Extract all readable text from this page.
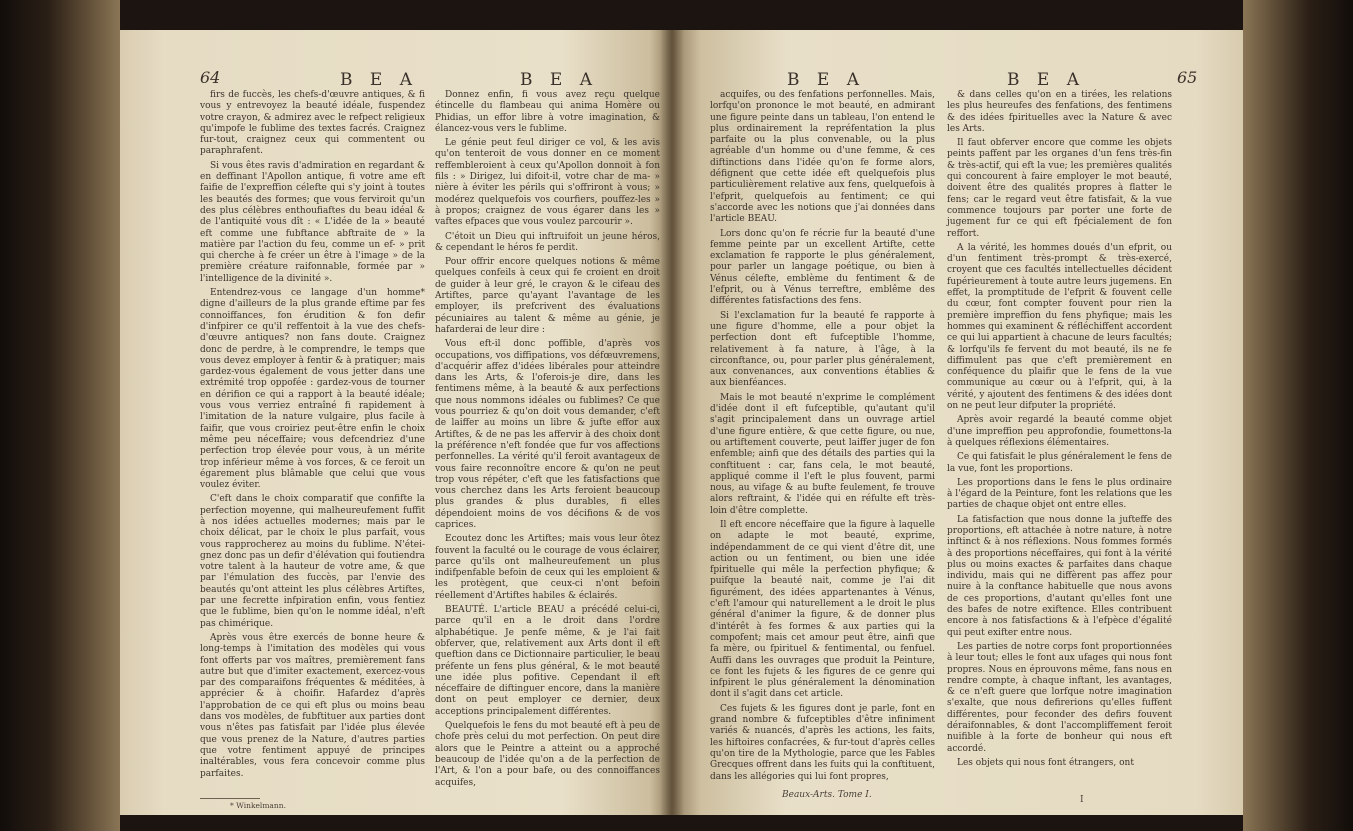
64	B E A	B E A

firs de fuccès, les chefs-d'œuvre antiques, & fi vous y entrevoyez la beauté idéale, fuspendez votre crayon, & admirez avec le refpect religieux qu'impofe le fublime des textes facrés. Craignez fur-tout, craignez ceux qui commentent ou paraphrafent.

Si vous êtes ravis d'admiration en regardant & en deffinant l'Apollon antique, fi votre ame eft faifie de l'expreffion célefte qui s'y joint à toutes les beautés des formes; que vous ferviroit qu'un des plus célèbres enthoufiaftes du beau idéal & de l'antiquité vous dît : « L'idée de la » beauté eft comme une fubftance abftraite de » la matière par l'action du feu, comme un ef- » prit qui cherche à fe créer un être à l'image » de la première créature raifonnable, formée par » l'intelligence de la divinité ».

Entendrez-vous ce langage d'un homme* digne d'ailleurs de la plus grande eftime par fes connoiffances, fon érudition & fon defir d'infpirer ce qu'il reffentoit à la vue des chefs-d'œuvre antiques? non fans doute. Craignez donc de perdre, à le comprendre, le temps que vous devez employer à fentir & à pratiquer; mais gardez-vous également de vous jetter dans une extrémité trop oppofée : gardez-vous de tourner en dérifion ce qui a rapport à la beauté idéale; vous vous verriez entraîné fi rapidement à l'imitation de la nature vulgaire, plus facile à faifir, que vous croiriez peut-être enfin le choix même peu néceffaire; vous defcendriez d'une perfection trop élevée pour vous, à un mérite trop inférieur même à vos forces, & ce feroit un égarement plus blâmable que celui que vous voulez éviter.

C'eft dans le choix comparatif que confifte la perfection moyenne, qui malheureufement fuffit à nos idées actuelles modernes; mais par le choix délicat, par le choix le plus parfait, vous vous rapprocherez au moins du fublime. N'étei-gnez donc pas un defir d'élévation qui foutiendra votre talent à la hauteur de votre ame, & que par l'émulation des fuccès, par l'envie des beautés qu'ont atteint les plus célèbres Artiftes, par une fecrette infpiration enfin, vous fentiez que le fublime, bien qu'on le nomme idéal, n'eft pas chimérique.

Après vous être exercés de bonne heure & long-temps à l'imitation des modèles qui vous font offerts par vos maîtres, premièrement fans autre but que d'imiter exactement, exercez-vous par des comparaifons fréquentes & méditées, à apprécier & à choifir. Hafardez d'après l'approbation de ce qui eft plus ou moins beau dans vos modèles, de fubftituer aux parties dont vous n'êtes pas fatisfait par l'idée plus élevée que vous prenez de la Nature, d'autres parties que votre fentiment appuyé de principes inaltérables, vous fera concevoir comme plus parfaites.

* Winkelmann.

Donnez enfin, fi vous avez reçu quelque étincelle du flambeau qui anima Homère ou Phidias, un effor libre à votre imagination, & élancez-vous vers le fublime.

Le génie peut feul diriger ce vol, & les avis qu'on tenteroit de vous donner en ce moment reffembleroient à ceux qu'Apollon donnoit à fon fils : » Dirigez, lui difoit-il, votre char de ma- » nière à éviter les périls qui s'offriront à vous; » modérez quelquefois vos courfiers, pouffez-les » à propos; craignez de vous égarer dans les » vaftes efpaces que vous voulez parcourir ».

C'étoit un Dieu qui inftruifoit un jeune héros, & cependant le héros fe perdit.

Pour offrir encore quelques notions & même quelques confeils à ceux qui fe croient en droit de guider à leur gré, le crayon & le cifeau des Artiftes, parce qu'ayant l'avantage de les employer, ils prefcrivent des évaluations pécuniaires au talent & même au génie, je hafarderai de leur dire :

Vous eft-il donc poffible, d'après vos occupations, vos diffipations, vos défœuvremens, d'acquérir affez d'idées libérales pour atteindre dans les Arts, & l'oferois-je dire, dans les fentimens même, à la beauté & aux perfections que nous nommons idéales ou fublimes? Ce que vous pourriez & qu'on doit vous demander, c'eft de laiffer au moins un libre & jufte effor aux Artiftes, & de ne pas les affervir à des choix dont la préférence n'eft fondée que fur vos affections perfonnelles. La vérité qu'il feroit avantageux de vous faire reconnoître encore & qu'on ne peut trop vous répéter, c'eft que les fatisfactions que vous cherchez dans les Arts feroient beaucoup plus grandes & plus durables, fi elles dépendoient moins de vos décifions & de vos caprices.

Ecoutez donc les Artiftes; mais vous leur ôtez fouvent la faculté ou le courage de vous éclairer, parce qu'ils ont malheureufement un plus indifpenfable befoin de ceux qui les emploient & les protègent, que ceux-ci n'ont befoin réellement d'Artiftes habiles & éclairés.

BEAUTÉ. L'article BEAU a précédé celui-ci, parce qu'il en a le droit dans l'ordre alphabétique. Je penfe même, & je l'ai fait obferver, que, relativement aux Arts dont il eft queftion dans ce Dictionnaire particulier, le beau préfente un fens plus général, & le mot beauté une idée plus pofitive. Cependant il eft néceffaire de diftinguer encore, dans la manière dont on peut employer ce dernier, deux acceptions principalement différentes.

Quelquefois le fens du mot beauté eft à peu de chofe près celui du mot perfection. On peut dire alors que le Peintre a atteint ou a approché beaucoup de l'idée qu'on a de la perfection de l'Art, & l'on a pour bafe, ou des connoiffances acquifes,

B E A	B E A	65

acquifes, ou des fenfations perfonnelles. Mais, lorfqu'on prononce le mot beauté, en admirant une figure peinte dans un tableau, l'on entend le plus ordinairement la repréfentation la plus parfaite ou la plus convenable, ou la plus agréable d'un homme ou d'une femme, & ces diftinctions dans l'idée qu'on fe forme alors, défignent que cette idée eft quelquefois plus particulièrement relative aux fens, quelquefois à l'efprit, quelquefois au fentiment; ce qui s'accorde avec les notions que j'ai données dans l'article BEAU.

Lors donc qu'on fe récrie fur la beauté d'une femme peinte par un excellent Artifte, cette exclamation fe rapporte le plus généralement, pour parler un langage poétique, ou bien à Vénus célefte, emblème du fentiment & de l'efprit, ou à Vénus terreftre, emblême des différentes fatisfactions des fens.

Si l'exclamation fur la beauté fe rapporte à une figure d'homme, elle a pour objet la perfection dont eft fufceptible l'homme, relativement à fa nature, à l'âge, à la circonftance, ou, pour parler plus généralement, aux convenances, aux conventions établies & aux bienféances.

Mais le mot beauté n'exprime le complément d'idée dont il eft fufceptible, qu'autant qu'il s'agit principalement dans un ouvrage artiel d'une figure entière, & que cette figure, ou nue, ou artiftement couverte, peut laiffer juger de fon enfemble; ainfi que des détails des parties qui la conftituent : car, fans cela, le mot beauté, appliqué comme il l'eft le plus fouvent, parmi nous, au vifage & au bufte feulement, fe trouve alors reftraint, & l'idée qui en réfulte eft très-loin d'être complette.

Il eft encore néceffaire que la figure à laquelle on adapte le mot beauté, exprime, indépendamment de ce qui vient d'être dit, une action ou un fentiment, ou bien une idée fpirituelle qui mêle la perfection phyfique; & puifque la beauté nait, comme je l'ai dit figurément, des idées appartenantes à Vénus, c'eft l'amour qui naturellement a le droit le plus général d'animer la figure, & de donner plus d'intérêt à fes formes & aux parties qui la compofent; mais cet amour peut être, ainfi que fa mère, ou fpirituel & fentimental, ou fenfuel. Auffi dans les ouvrages que produit la Peinture, ce font les fujets & les figures de ce genre qui infpirent le plus généralement la dénomination dont il s'agit dans cet article.

Ces fujets & les figures dont je parle, font en grand nombre & fufceptibles d'être infiniment variés & nuancés, d'après les actions, les faits, les hiftoires confacrées, & fur-tout d'après celles qu'on tire de la Mythologie, parce que les Fables Grecques offrent dans les fuits qui la conftituent, dans les allégories qui lui font propres,

Beaux-Arts. Tome I.

& dans celles qu'on en a tirées, les relations les plus heureufes des fenfations, des fentimens & des idées fpirituelles avec la Nature & avec les Arts.

Il faut obferver encore que comme les objets peints paffent par les organes d'un fens très-fin & très-actif, qui eft la vue; les premières qualités qui concourent à faire employer le mot beauté, doivent être des qualités propres à flatter le fens; car le regard veut être fatisfait, & la vue commence toujours par porter une forte de jugement fur ce qui eft fpécialement de fon reffort.

A la vérité, les hommes doués d'un efprit, ou d'un fentiment très-prompt & très-exercé, croyent que ces facultés intellectuelles décident fupérieurement à toute autre leurs jugemens. En effet, la promptitude de l'efprit & fouvent celle du cœur, font compter fouvent pour rien la première impreffion du fens phyfique; mais les hommes qui examinent & réfléchiffent accordent ce qui lui appartient à chacune de leurs facultés; & lorfqu'ils fe fervent du mot beauté, ils ne fe diffimulent pas que c'eft premièrement en conféquence du plaifir que le fens de la vue communique au cœur ou à l'efprit, qui, à la vérité, y ajoutent des fentimens & des idées dont on ne peut leur difputer la propriété.

Après avoir regardé la beauté comme objet d'une impreffion peu approfondie, foumettons-la à quelques réflexions élémentaires.

Ce qui fatisfait le plus généralement le fens de la vue, font les proportions.

Les proportions dans le fens le plus ordinaire à l'égard de la Peinture, font les relations que les parties de chaque objet ont entre elles.

La fatisfaction que nous donne la jufteffe des proportions, eft attachée à notre nature, à notre inftinct & à nos réflexions. Nous fommes formés à des proportions néceffaires, qui font à la vérité plus ou moins exactes & parfaites dans chaque individu, mais qui ne diffèrent pas affez pour nuire à la conftance habituelle que nous avons de ces proportions, d'autant qu'elles font une des bafes de notre exiftence. Elles contribuent encore à nos fatisfactions & à l'efpèce d'égalité qui peut exifter entre nous.

Les parties de notre corps font proportionnées à leur tout; elles le font aux ufages qui nous font propres. Nous en éprouvons même, fans nous en rendre compte, à chaque inftant, les avantages, & ce n'eft guere que lorfque notre imagination s'exalte, que nous defirerions qu'elles fuffent différentes, pour feconder des defirs fouvent déraifonnables, & dont l'accompliffement feroit nuifible à la forte de bonheur qui nous eft accordé.

Les objets qui nous font étrangers, ont

I
